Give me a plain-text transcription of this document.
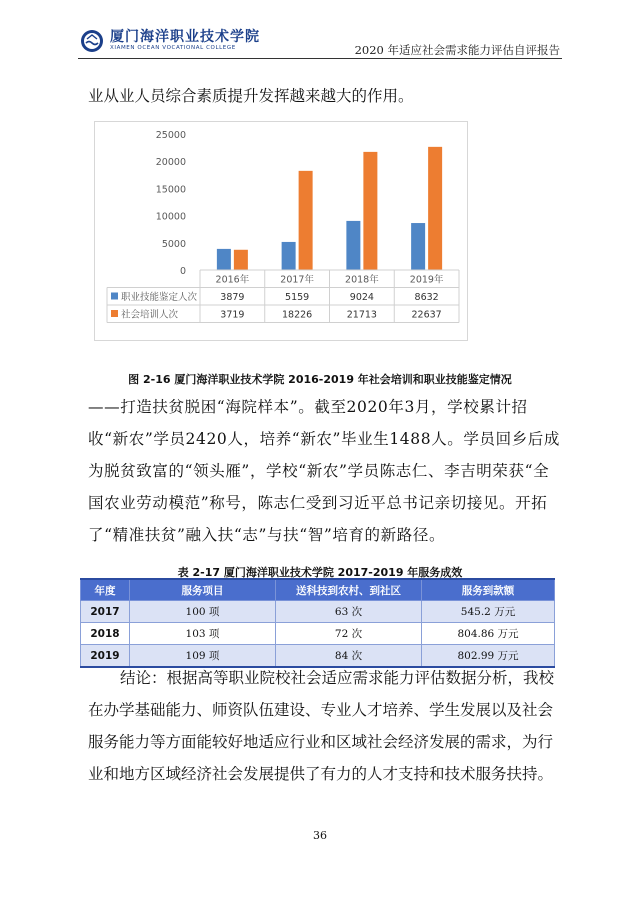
厦门海洋职业技术学院
XIAMEN OCEAN VOCATIONAL COLLEGE	2020 年适应社会需求能力评估自评报告

业从业人员综合素质提升发挥越来越大的作用。

0
5000
10000
15000
20000
25000
2016年	2017年	2018年	2019年
职业技能鉴定人次 3879	5159	9024	8632
社会培训人次	3719	18226	21713	22637
图 2-16 厦门海洋职业技术学院 2016-2019 年社会培训和职业技能鉴定情况

——打造扶贫脱困“海院样本”。截至2020年3月，学校累计招收“新农”学员2420人，培养“新农”毕业生1488人。学员回乡后成为脱贫致富的“领头雁”，学校“新农”学员陈志仁、李吉明荣获“全国农业劳动模范”称号，陈志仁受到习近平总书记亲切接见。开拓了“精准扶贫”融入扶“志”与扶“智”培育的新路径。

表 2-17 厦门海洋职业技术学院 2017-2019 年服务成效
年度	服务项目	送科技到农村、到社区	服务到款额
2017	100 项	63 次	545.2 万元
2018	103 项	72 次	804.86 万元
2019	109 项	84 次	802.99 万元

结论：根据高等职业院校社会适应需求能力评估数据分析，我校在办学基础能力、师资队伍建设、专业人才培养、学生发展以及社会服务能力等方面能较好地适应行业和区域社会经济发展的需求，为行业和地方区域经济社会发展提供了有力的人才支持和技术服务扶持。

36
